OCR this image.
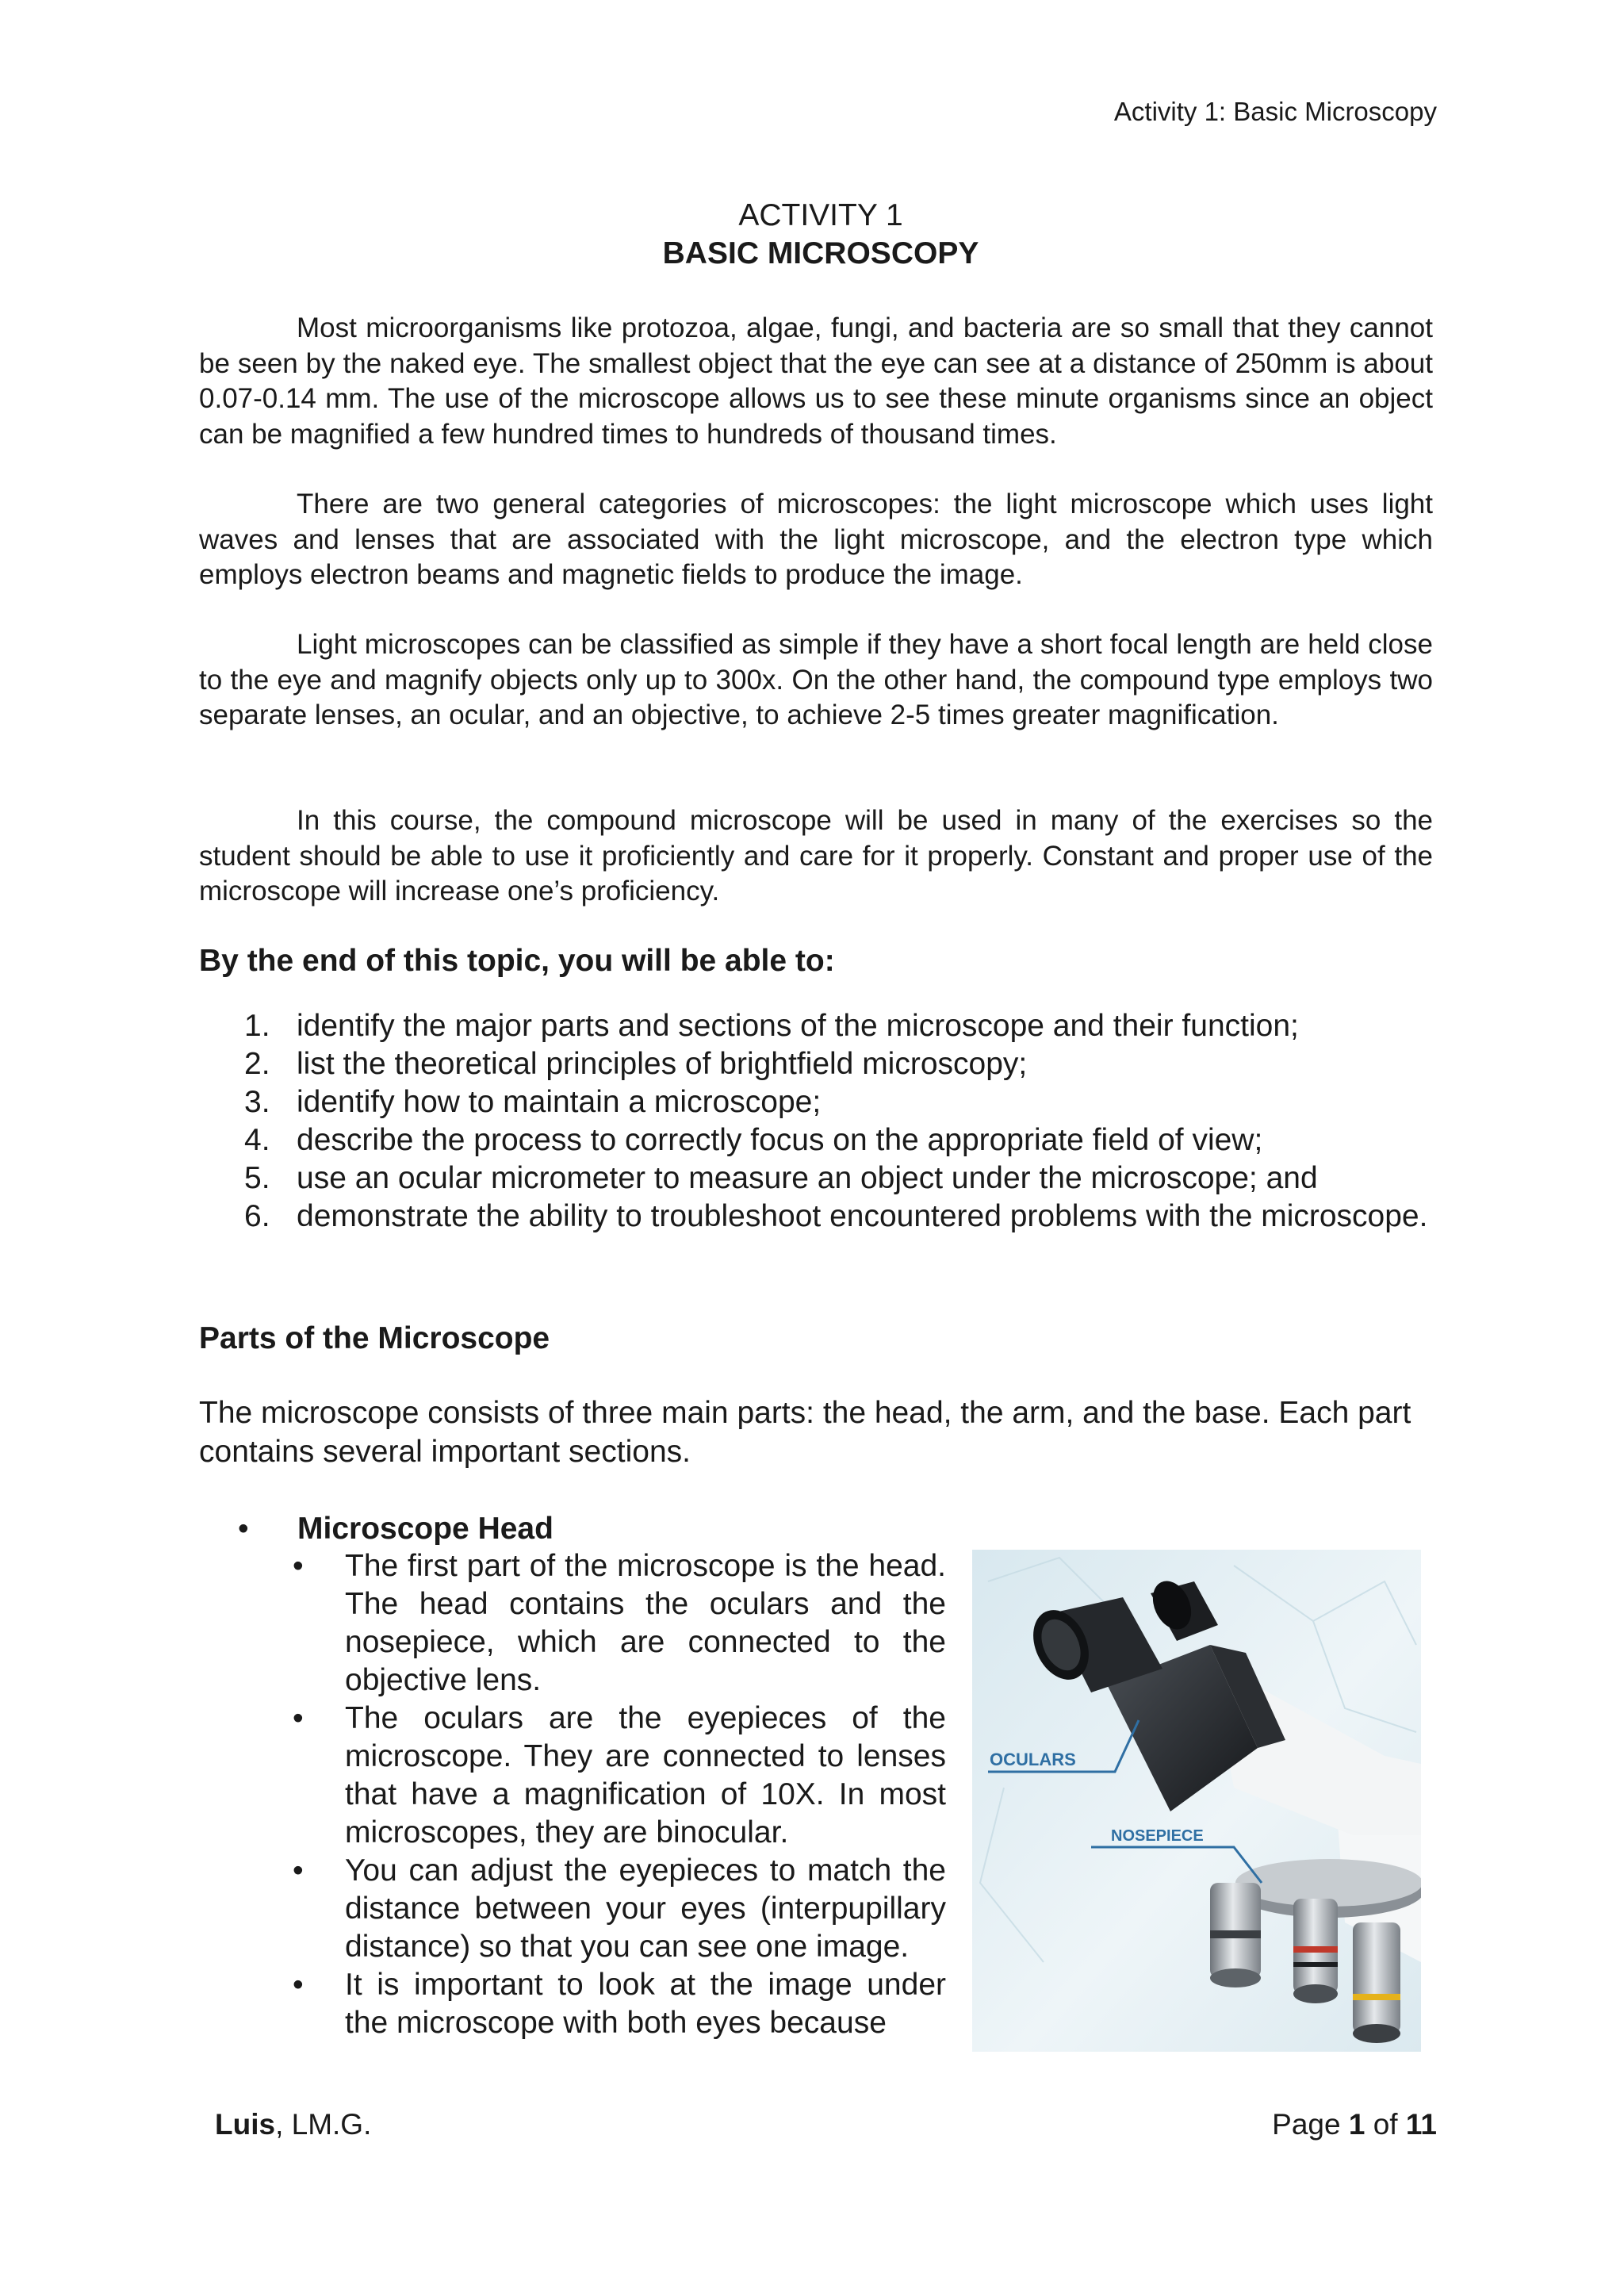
Activity 1: Basic Microscopy
ACTIVITY 1
BASIC MICROSCOPY

Most microorganisms like protozoa, algae, fungi, and bacteria are so small that they cannot be seen by the naked eye. The smallest object that the eye can see at a distance of 250mm is about 0.07-0.14 mm. The use of the microscope allows us to see these minute organisms since an object can be magnified a few hundred times to hundreds of thousand times.

There are two general categories of microscopes: the light microscope which uses light waves and lenses that are associated with the light microscope, and the electron type which employs electron beams and magnetic fields to produce the image.

Light microscopes can be classified as simple if they have a short focal length are held close to the eye and magnify objects only up to 300x. On the other hand, the compound type employs two separate lenses, an ocular, and an objective, to achieve 2-5 times greater magnification.

In this course, the compound microscope will be used in many of the exercises so the student should be able to use it proficiently and care for it properly. Constant and proper use of the microscope will increase one’s proficiency.

By the end of this topic, you will be able to:
1. identify the major parts and sections of the microscope and their function;
2. list the theoretical principles of brightfield microscopy;
3. identify how to maintain a microscope;
4. describe the process to correctly focus on the appropriate field of view;
5. use an ocular micrometer to measure an object under the microscope; and
6. demonstrate the ability to troubleshoot encountered problems with the microscope.
Parts of the Microscope

The microscope consists of three main parts: the head, the arm, and the base. Each part contains several important sections.

• Microscope Head
• The first part of the microscope is the head. The head contains the oculars and the nosepiece, which are connected to the objective lens.
• The oculars are the eyepieces of the microscope. They are connected to lenses that have a magnification of 10X. In most microscopes, they are binocular.
• You can adjust the eyepieces to match the distance between your eyes (interpupillary distance) so that you can see one image.
• It is important to look at the image under the microscope with both eyes because
OCULARS
NOSEPIECE
Luis, LM.G.	Page 1 of 11
